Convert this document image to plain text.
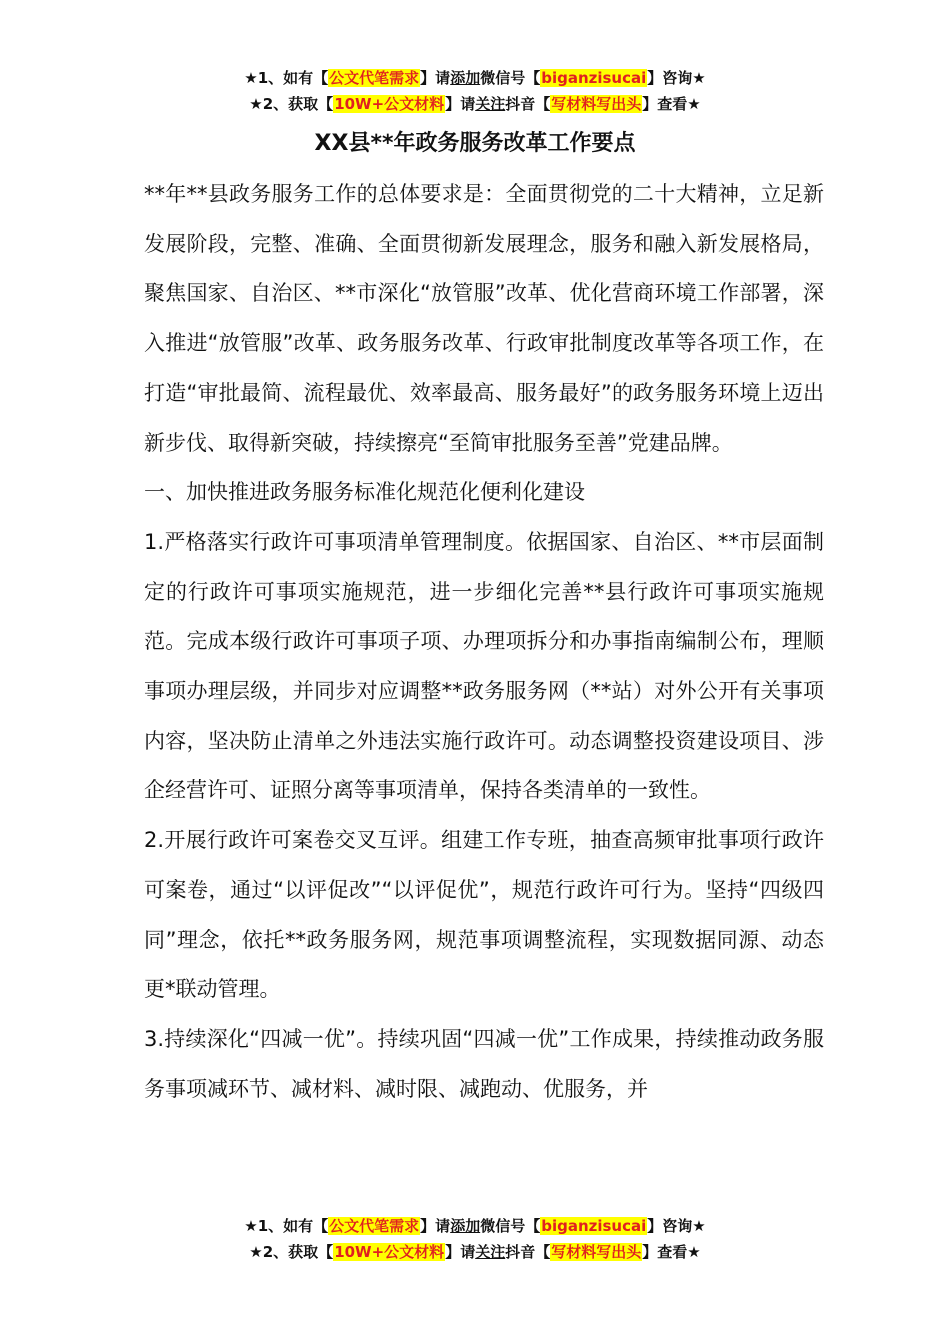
★1、如有【公文代笔需求】请添加微信号【biganzisucai】咨询★
★2、获取【10W+公文材料】请关注抖音【写材料写出头】查看★
XX县**年政务服务改革工作要点

**年**县政务服务工作的总体要求是：全面贯彻党的二十大精神，立足新发展阶段，完整、准确、全面贯彻新发展理念，服务和融入新发展格局，聚焦国家、自治区、**市深化“放管服”改革、优化营商环境工作部署，深入推进“放管服”改革、政务服务改革、行政审批制度改革等各项工作，在打造“审批最简、流程最优、效率最高、服务最好”的政务服务环境上迈出新步伐、取得新突破，持续擦亮“至简审批服务至善”党建品牌。

一、加快推进政务服务标准化规范化便利化建设

1.严格落实行政许可事项清单管理制度。依据国家、自治区、**市层面制定的行政许可事项实施规范，进一步细化完善**县行政许可事项实施规范。完成本级行政许可事项子项、办理项拆分和办事指南编制公布，理顺事项办理层级，并同步对应调整**政务服务网（**站）对外公开有关事项内容，坚决防止清单之外违法实施行政许可。动态调整投资建设项目、涉企经营许可、证照分离等事项清单，保持各类清单的一致性。

2.开展行政许可案卷交叉互评。组建工作专班，抽查高频审批事项行政许可案卷，通过“以评促改”“以评促优”，规范行政许可行为。坚持“四级四同”理念，依托**政务服务网，规范事项调整流程，实现数据同源、动态更*联动管理。

3.持续深化“四减一优”。持续巩固“四减一优”工作成果，持续推动政务服务事项减环节、减材料、减时限、减跑动、优服务，并

★1、如有【公文代笔需求】请添加微信号【biganzisucai】咨询★
★2、获取【10W+公文材料】请关注抖音【写材料写出头】查看★
